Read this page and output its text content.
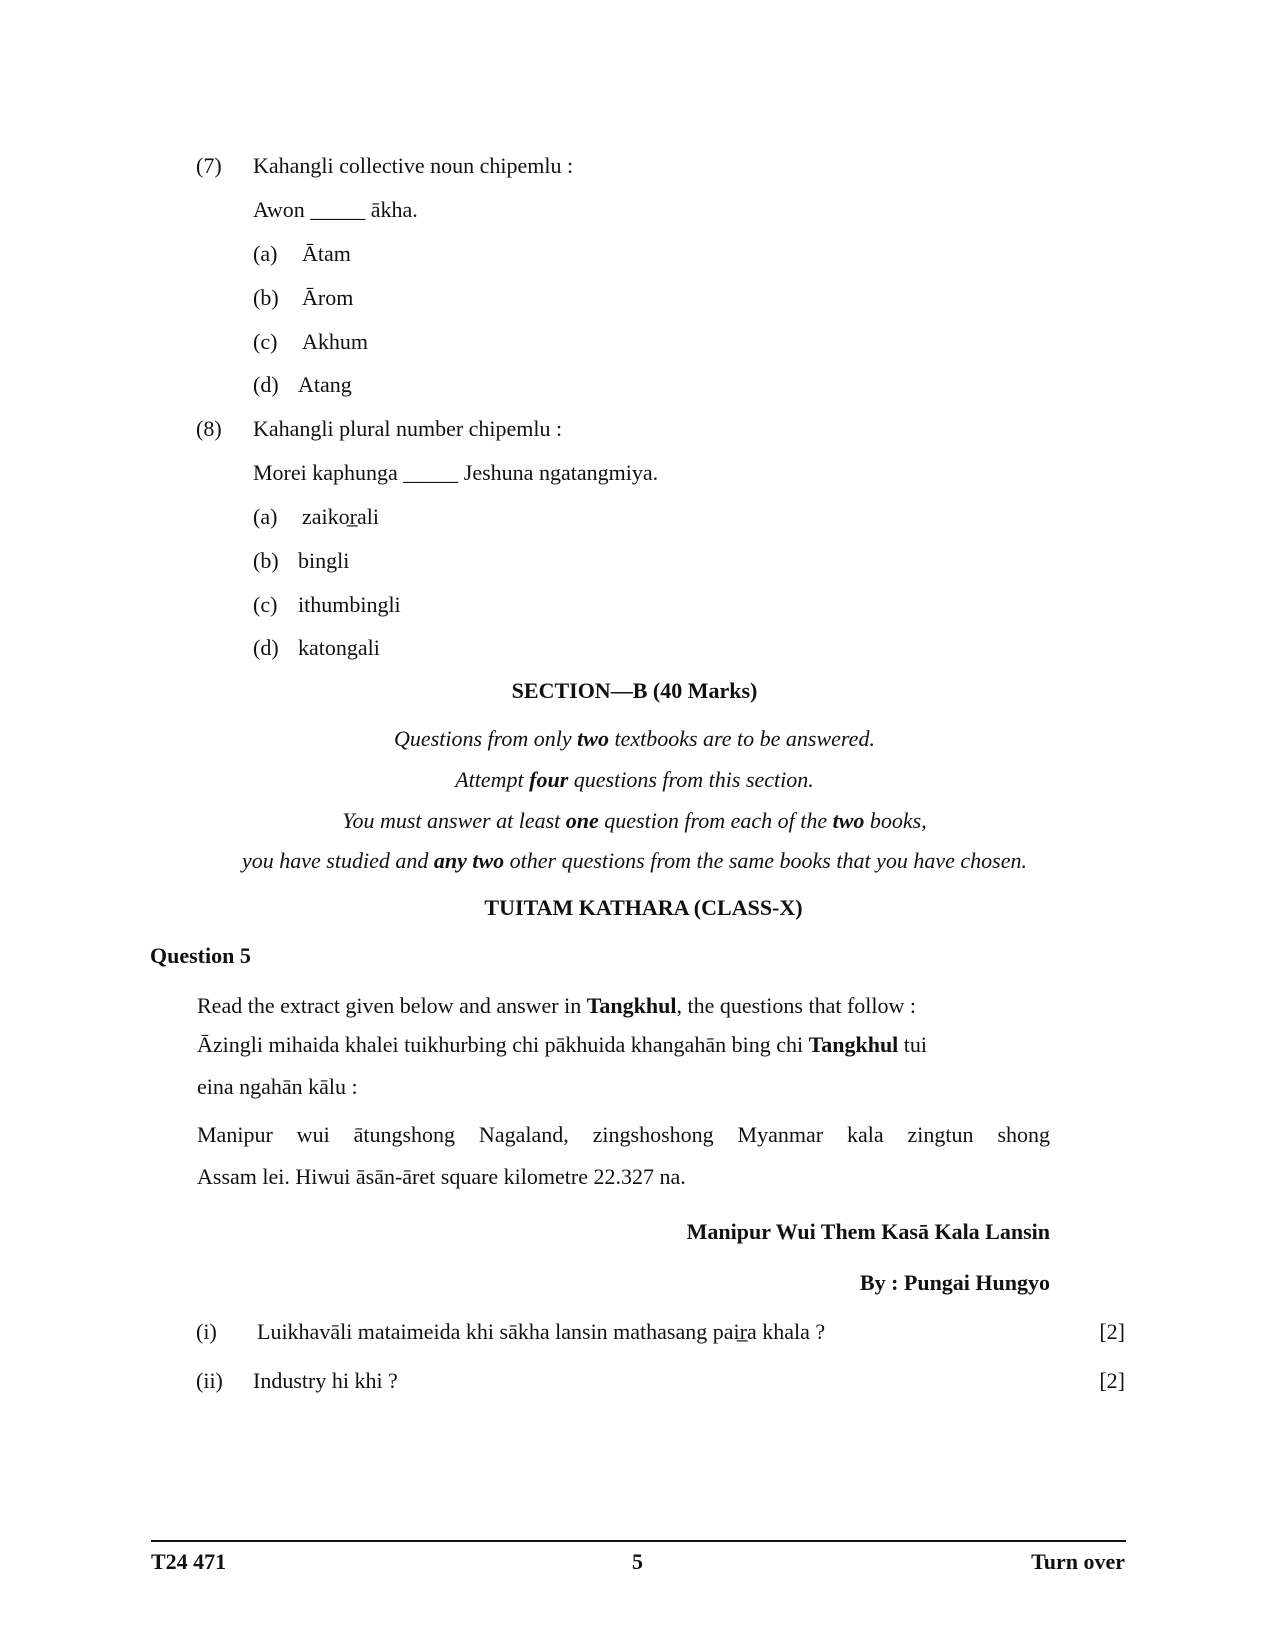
(7) Kahangli collective noun chipemlu :
Awon _____ ākha.
(a) Ātam
(b) Ārom
(c) Akhum
(d) Atang
(8) Kahangli plural number chipemlu :
Morei kaphunga _____ Jeshuna ngatangmiya.
(a) zaikor̲ali
(b) bingli
(c) ithumbingli
(d) katongali
SECTION—B (40 Marks)
Questions from only two textbooks are to be answered.
Attempt four questions from this section.
You must answer at least one question from each of the two books,
you have studied and any two other questions from the same books that you have chosen.
TUITAM KATHARA (CLASS-X)
Question 5
Read the extract given below and answer in Tangkhul, the questions that follow :
Āzingli mihaida khalei tuikhurbing chi pākhuida khangahān bing chi Tangkhul tui
eina ngahān kālu :
Manipur wui ātungshong Nagaland, zingshoshong Myanmar kala zingtun shong
Assam lei. Hiwui āsān-āret square kilometre 22.327 na.
Manipur Wui Them Kasā Kala Lansin
By : Pungai Hungyo
(i) Luikhavāli mataimeida khi sākha lansin mathasang pair̲a khala ?	[2]
(ii) Industry hi khi ?	[2]
T24 471	5	Turn over
